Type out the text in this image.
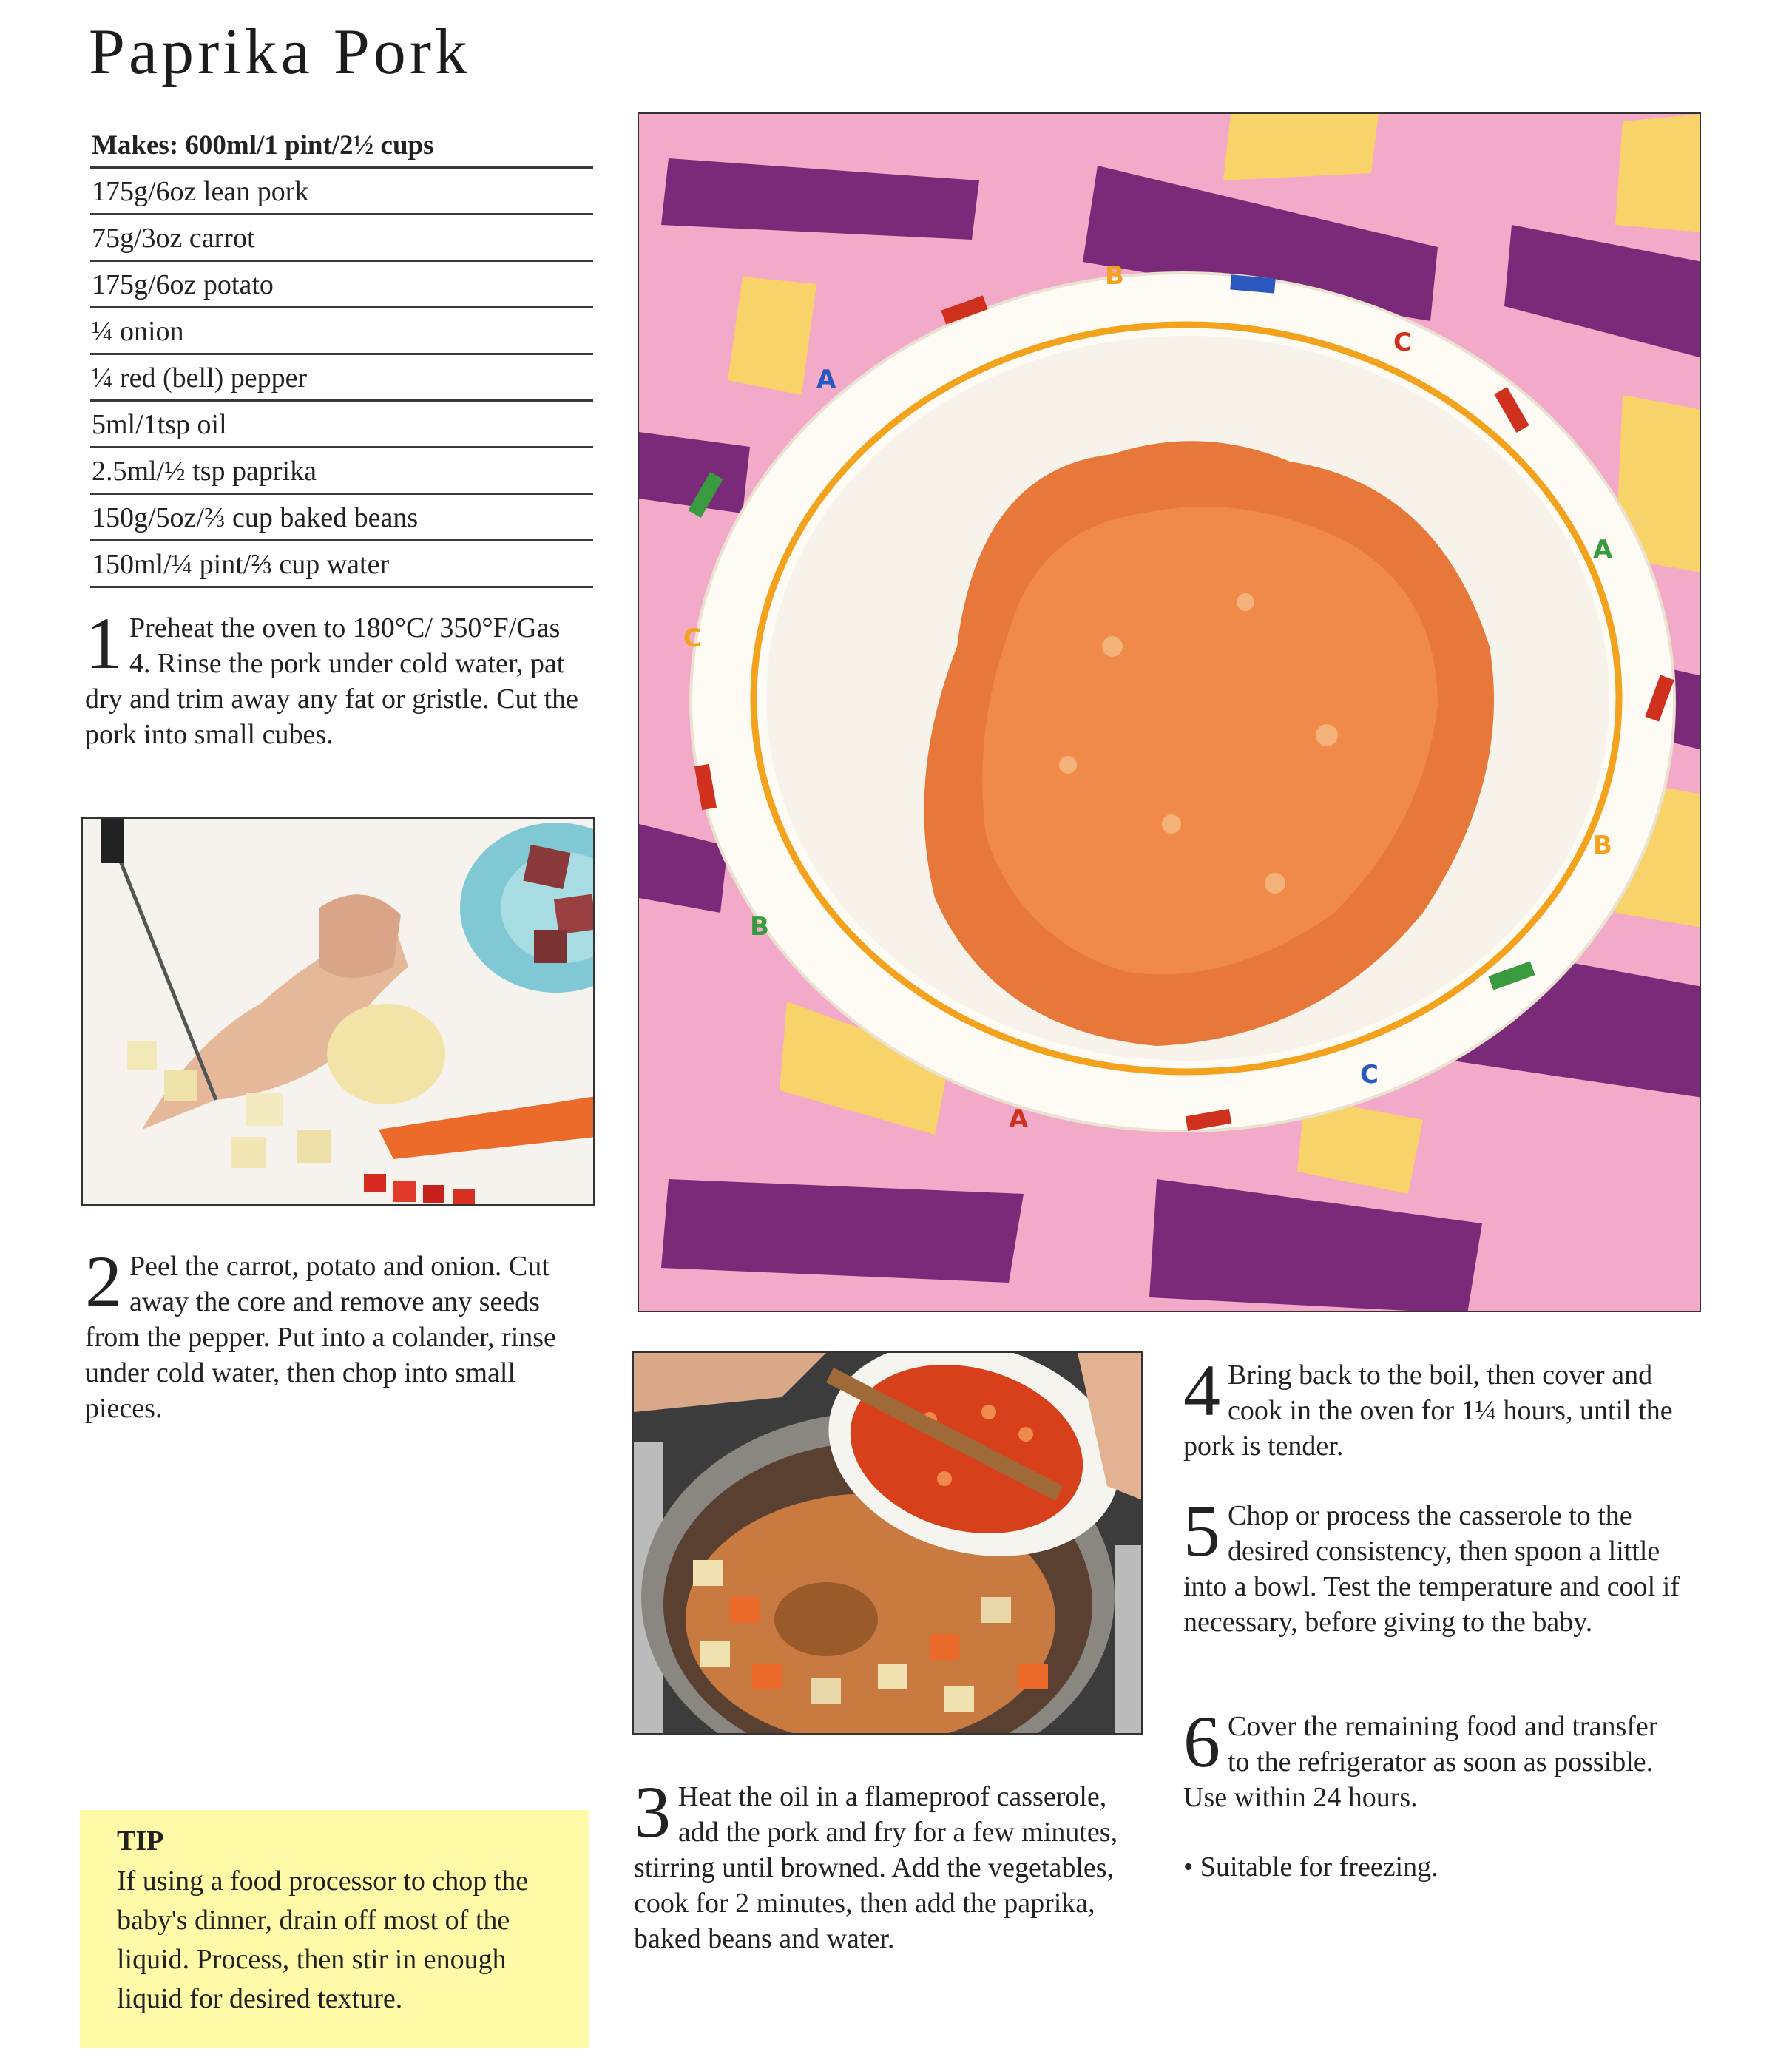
Paprika Pork
Makes: 600ml/1 pint/2½ cups
175g/6oz lean pork
75g/3oz carrot
175g/6oz potato
¼ onion
¼ red (bell) pepper
5ml/1tsp oil
2.5ml/½ tsp paprika
150g/5oz/⅔ cup baked beans
150ml/¼ pint/⅔ cup water
1 Preheat the oven to 180°C/ 350°F/Gas 4. Rinse the pork under cold water, pat dry and trim away any fat or gristle. Cut the pork into small cubes.
2 Peel the carrot, potato and onion. Cut away the core and remove any seeds from the pepper. Put into a colander, rinse under cold water, then chop into small pieces.
B
C
A
A
C
B
B
C
A
3 Heat the oil in a flameproof casserole, add the pork and fry for a few minutes, stirring until browned. Add the vegetables, cook for 2 minutes, then add the paprika, baked beans and water.
4 Bring back to the boil, then cover and cook in the oven for 1¼ hours, until the pork is tender.
5 Chop or process the casserole to the desired consistency, then spoon a little into a bowl. Test the temperature and cool if necessary, before giving to the baby.
6 Cover the remaining food and transfer to the refrigerator as soon as possible. Use within 24 hours.
• Suitable for freezing.
TIP
If using a food processor to chop the baby's dinner, drain off most of the liquid. Process, then stir in enough liquid for desired texture.
